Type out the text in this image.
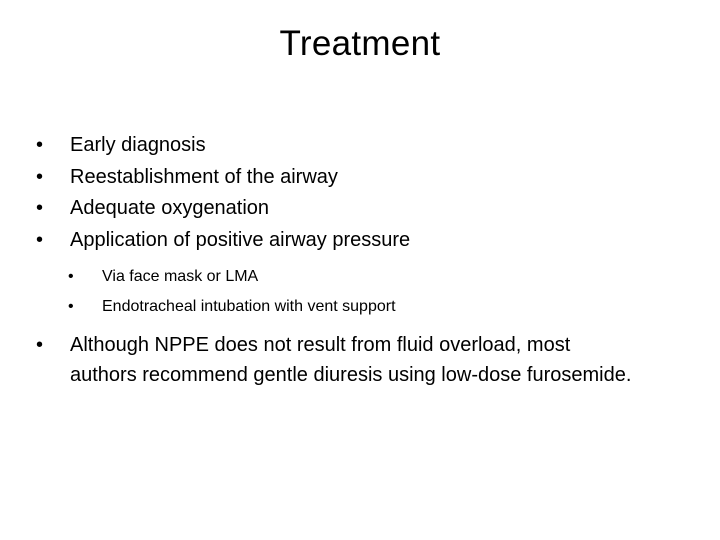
Treatment
•	Early diagnosis
•	Reestablishment of the airway
•	Adequate oxygenation
•	Application of positive airway pressure
• Via face mask or LMA
• Endotracheal intubation with vent support
•	Although NPPE does not result from fluid overload, most authors recommend gentle diuresis using low-dose furosemide.
